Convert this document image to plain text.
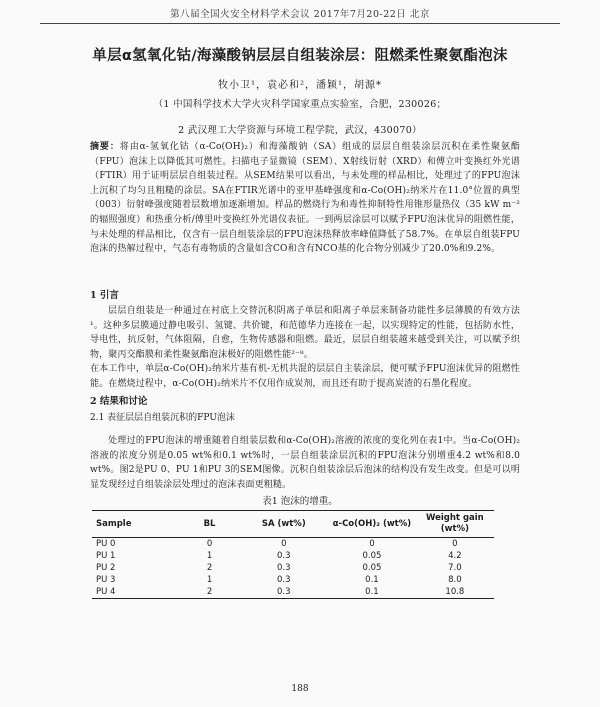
第八届全国火安全材料学术会议 2017年7月20-22日 北京
单层α氢氧化钴/海藻酸钠层层自组装涂层：阻燃柔性聚氨酯泡沫
牧小卫¹，袁必和²，潘颖¹，胡源*
（1 中国科学技术大学火灾科学国家重点实验室，合肥，230026；
2 武汉理工大学资源与环境工程学院，武汉，430070）
摘要：将由α-氢氧化钴（α-Co(OH)₂）和海藻酸钠（SA）组成的层层自组装涂层沉积在柔性聚氨酯（FPU）泡沫上以降低其可燃性。扫描电子显微镜（SEM）、X射线衍射（XRD）和傅立叶变换红外光谱（FTIR）用于证明层层自组装过程。从SEM结果可以看出，与未处理的样品相比，处理过了的FPU泡沫上沉积了均匀且粗糙的涂层。SA在FTIR光谱中的亚甲基峰强度和α-Co(OH)₂纳米片在11.0°位置的典型（003）衍射峰强度随着层数增加逐渐增加。样品的燃烧行为和毒性抑制特性用锥形量热仪（35 kW m⁻²的辐照强度）和热重分析/傅里叶变换红外光谱仪表征。一到两层涂层可以赋予FPU泡沫优异的阻燃性能，与未处理的样品相比，仅含有一层自组装涂层的FPU泡沫热释放率峰值降低了58.7%。在单层自组装FPU泡沫的热解过程中，气态有毒物质的含量如含CO和含有NCO基的化合物分别减少了20.0%和9.2%。
1 引言
层层自组装是一种通过在衬底上交替沉积阴离子单层和阳离子单层来制备功能性多层薄膜的有效方法¹。这种多层膜通过静电吸引、氢键、共价键，和范德华力连接在一起，以实现特定的性能，包括防水性，导电性，抗反射，气体阻隔，自愈，生物传感器和阻燃。最近，层层自组装越来越受到关注，可以赋予织物，聚丙交酯膜和柔性聚氨酯泡沫极好的阻燃性能²⁻⁸。
在本工作中，单层α-Co(OH)₂纳米片基有机-无机共混的层层自主装涂层，便可赋予FPU泡沫优异的阻燃性能。在燃烧过程中，α-Co(OH)₂纳米片不仅用作成炭剂，而且还有助于提高炭渣的石墨化程度。
2 结果和讨论
2.1 表征层层自组装沉积的FPU泡沫
处理过的FPU泡沫的增重随着自组装层数和α-Co(OH)₂溶液的浓度的变化列在表1中。当α-Co(OH)₂溶液的浓度分别是0.05 wt%和0.1 wt%时，一层自组装涂层沉积的FPU泡沫分别增重4.2 wt%和8.0 wt%。图2是PU 0、PU 1和PU 3的SEM图像。沉积自组装涂层后泡沫的结构没有发生改变。但是可以明显发现经过自组装涂层处理过的泡沫表面更粗糙。
表1 泡沫的增重。
Sample	BL	SA (wt%)	α-Co(OH)₂ (wt%)	Weight gain (wt%)
PU 0	0	0	0	0
PU 1	1	0.3	0.05	4.2
PU 2	2	0.3	0.05	7.0
PU 3	1	0.3	0.1	8.0
PU 4	2	0.3	0.1	10.8
188
